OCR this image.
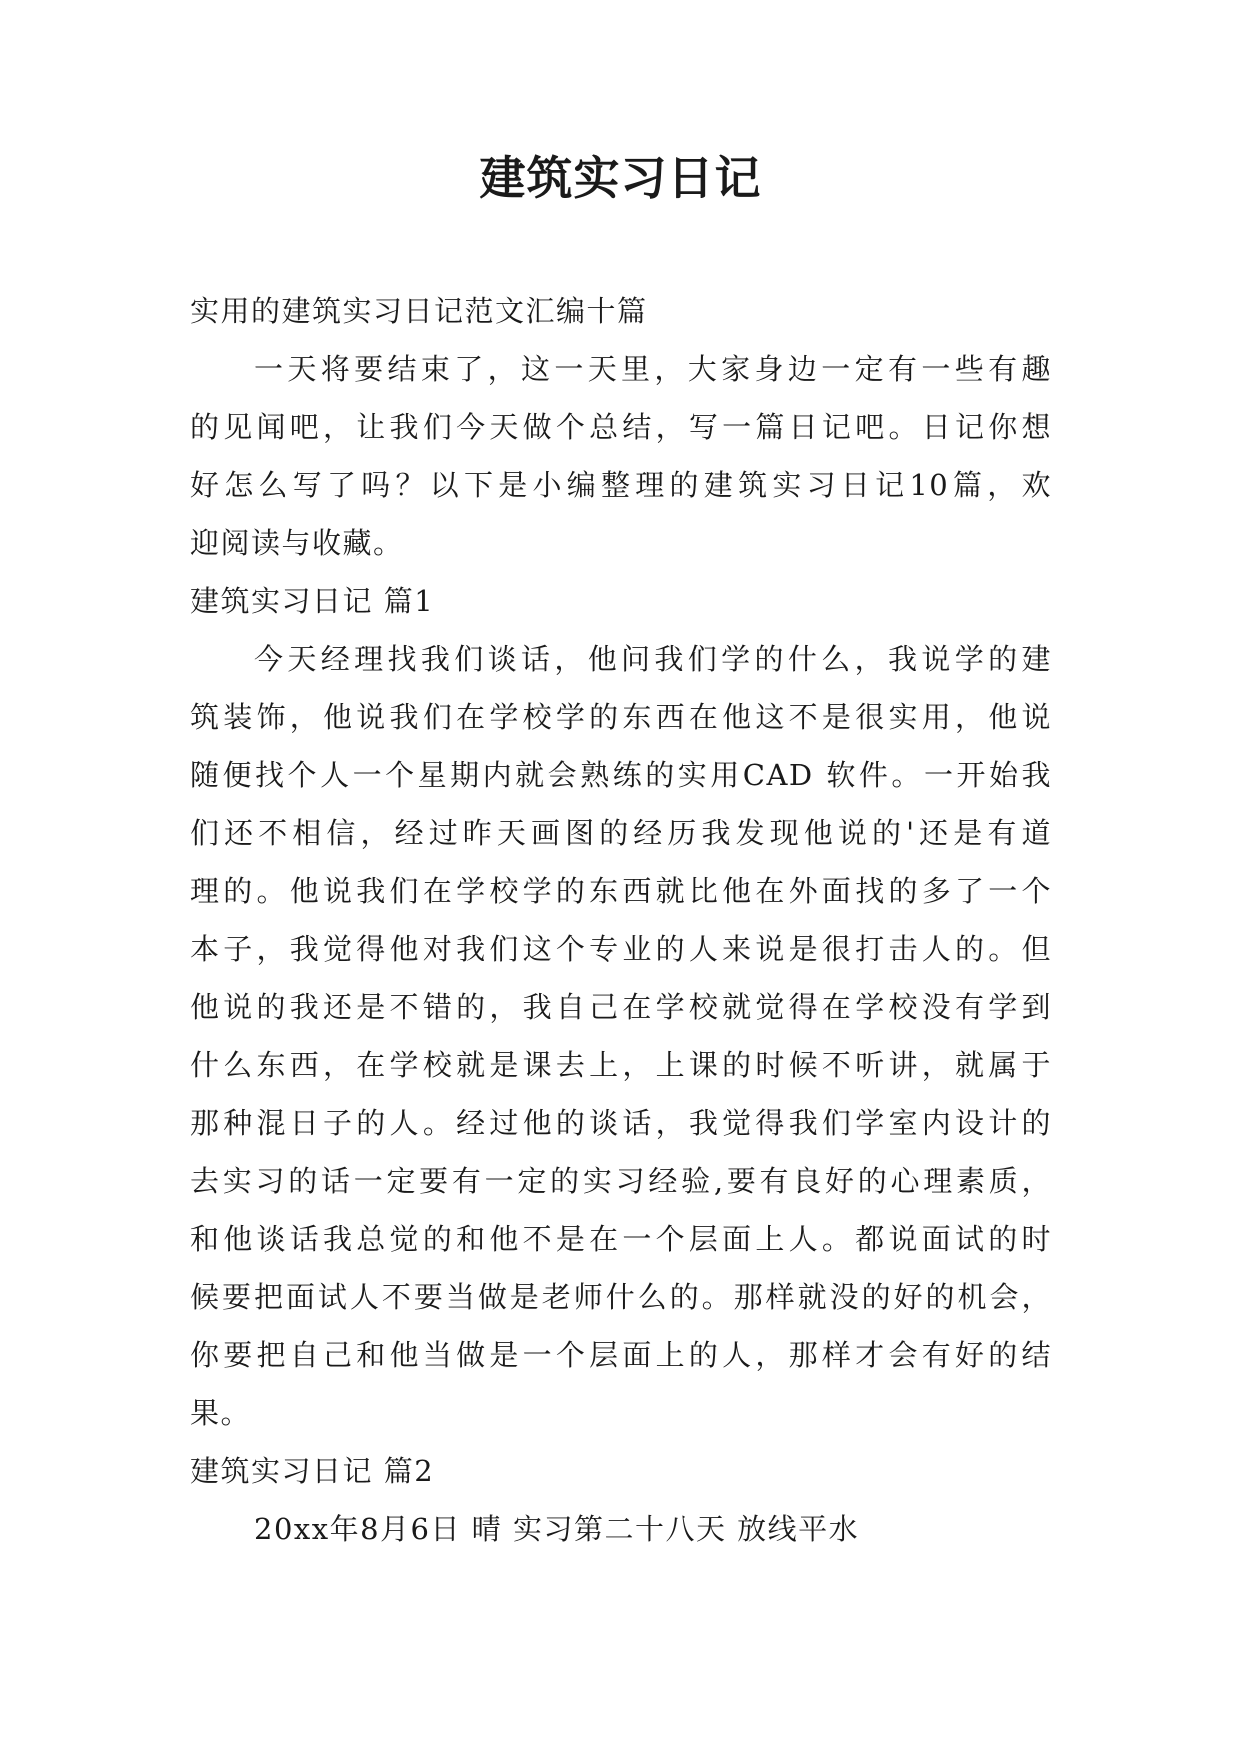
建筑实习日记
实用的建筑实习日记范文汇编十篇
一天将要结束了，这一天里，大家身边一定有一些有趣
的见闻吧，让我们今天做个总结，写一篇日记吧。日记你想
好怎么写了吗？以下是小编整理的建筑实习日记10篇，欢
迎阅读与收藏。
建筑实习日记 篇1
今天经理找我们谈话，他问我们学的什么，我说学的建
筑装饰，他说我们在学校学的东西在他这不是很实用，他说
随便找个人一个星期内就会熟练的实用CAD 软件。一开始我
们还不相信，经过昨天画图的经历我发现他说的'还是有道
理的。他说我们在学校学的东西就比他在外面找的多了一个
本子，我觉得他对我们这个专业的人来说是很打击人的。但
他说的我还是不错的，我自己在学校就觉得在学校没有学到
什么东西，在学校就是课去上，上课的时候不听讲，就属于
那种混日子的人。经过他的谈话，我觉得我们学室内设计的
去实习的话一定要有一定的实习经验,要有良好的心理素质，
和他谈话我总觉的和他不是在一个层面上人。都说面试的时
候要把面试人不要当做是老师什么的。那样就没的好的机会，
你要把自己和他当做是一个层面上的人，那样才会有好的结
果。
建筑实习日记 篇2
20xx年8月6日 晴 实习第二十八天 放线平水
